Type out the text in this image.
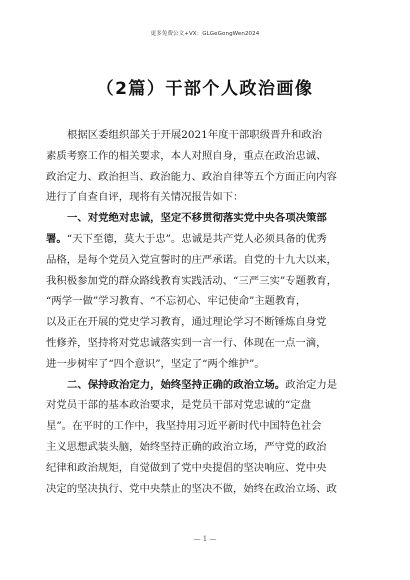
更多免费公文+VX：GLGeGongWen2024
（2篇）干部个人政治画像
根据区委组织部关于开展2021年度干部职级晋升和政治
素质考察工作的相关要求，本人对照自身，重点在政治忠诚、
政治定力、政治担当、政治能力、政治自律等五个方面正向内容
进行了自查自评，现将有关情况报告如下：
一、对党绝对忠诚，坚定不移贯彻落实党中央各项决策部
署。“天下至德，莫大于忠”。忠诚是共产党人必须具备的优秀
品格，是每个党员入党宣誓时的庄严承诺。自党的十九大以来，
我积极参加党的群众路线教育实践活动、“三严三实”专题教育，
“两学一做”学习教育、“不忘初心、牢记使命”主题教育，
以及正在开展的党史学习教育，通过理论学习不断锤炼自身党
性修养，坚持将对党忠诚落实到一言一行、体现在一点一滴，
进一步树牢了“四个意识”，坚定了“两个维护”。
二、保持政治定力，始终坚持正确的政治立场。政治定力是
对党员干部的基本政治要求，是党员干部对党忠诚的“定盘
星”。在平时的工作中，我坚持用习近平新时代中国特色社会
主义思想武装头脑，始终坚持正确的政治立场，严守党的政治
纪律和政治规矩，自觉做到了党中央提倡的坚决响应、党中央
决定的坚决执行、党中央禁止的坚决不做，始终在政治立场、政
— 1 —
